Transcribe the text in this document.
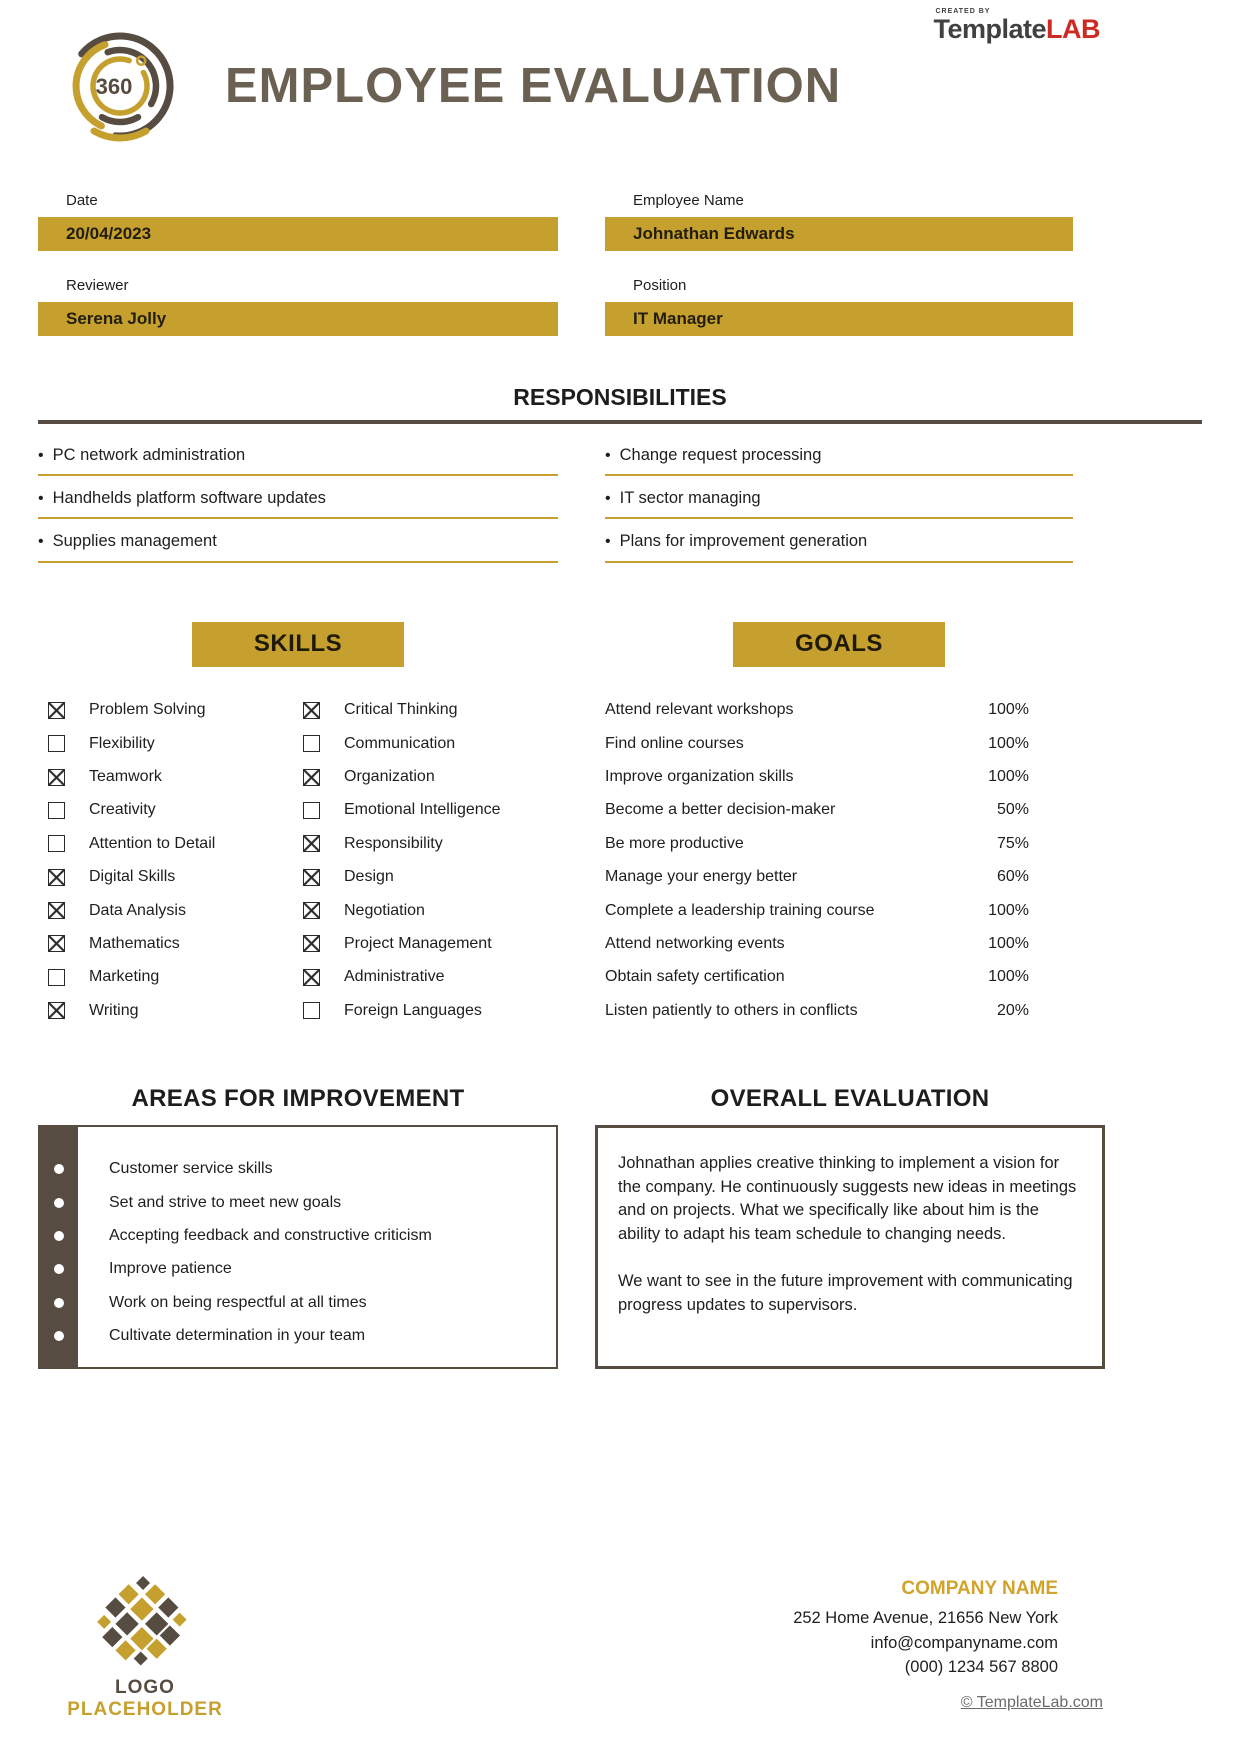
CREATED BY
TemplateLAB
360 EMPLOYEE EVALUATION
Date
20/04/2023
Employee Name
Johnathan Edwards
Reviewer
Serena Jolly
Position
IT Manager
RESPONSIBILITIES
• PC network administration
• Handhelds platform software updates
• Supplies management
• Change request processing
• IT sector managing
• Plans for improvement generation
SKILLS
Problem Solving	Critical Thinking
Flexibility	Communication
Teamwork	Organization
Creativity	Emotional Intelligence
Attention to Detail	Responsibility
Digital Skills	Design
Data Analysis	Negotiation
Mathematics	Project Management
Marketing	Administrative
Writing	Foreign Languages
GOALS
Attend relevant workshops	100%
Find online courses	100%
Improve organization skills	100%
Become a better decision-maker	50%
Be more productive	75%
Manage your energy better	60%
Complete a leadership training course	100%
Attend networking events	100%
Obtain safety certification	100%
Listen patiently to others in conflicts	20%
AREAS FOR IMPROVEMENT
Customer service skills
Set and strive to meet new goals
Accepting feedback and constructive criticism
Improve patience
Work on being respectful at all times
Cultivate determination in your team
OVERALL EVALUATION

Johnathan applies creative thinking to implement a vision for the company. He continuously suggests new ideas in meetings and on projects. What we specifically like about him is the ability to adapt his team schedule to changing needs.

We want to see in the future improvement with communicating progress updates to supervisors.

LOGO
PLACEHOLDER
COMPANY NAME
252 Home Avenue, 21656 New York
info@companyname.com
(000) 1234 567 8800
© TemplateLab.com
